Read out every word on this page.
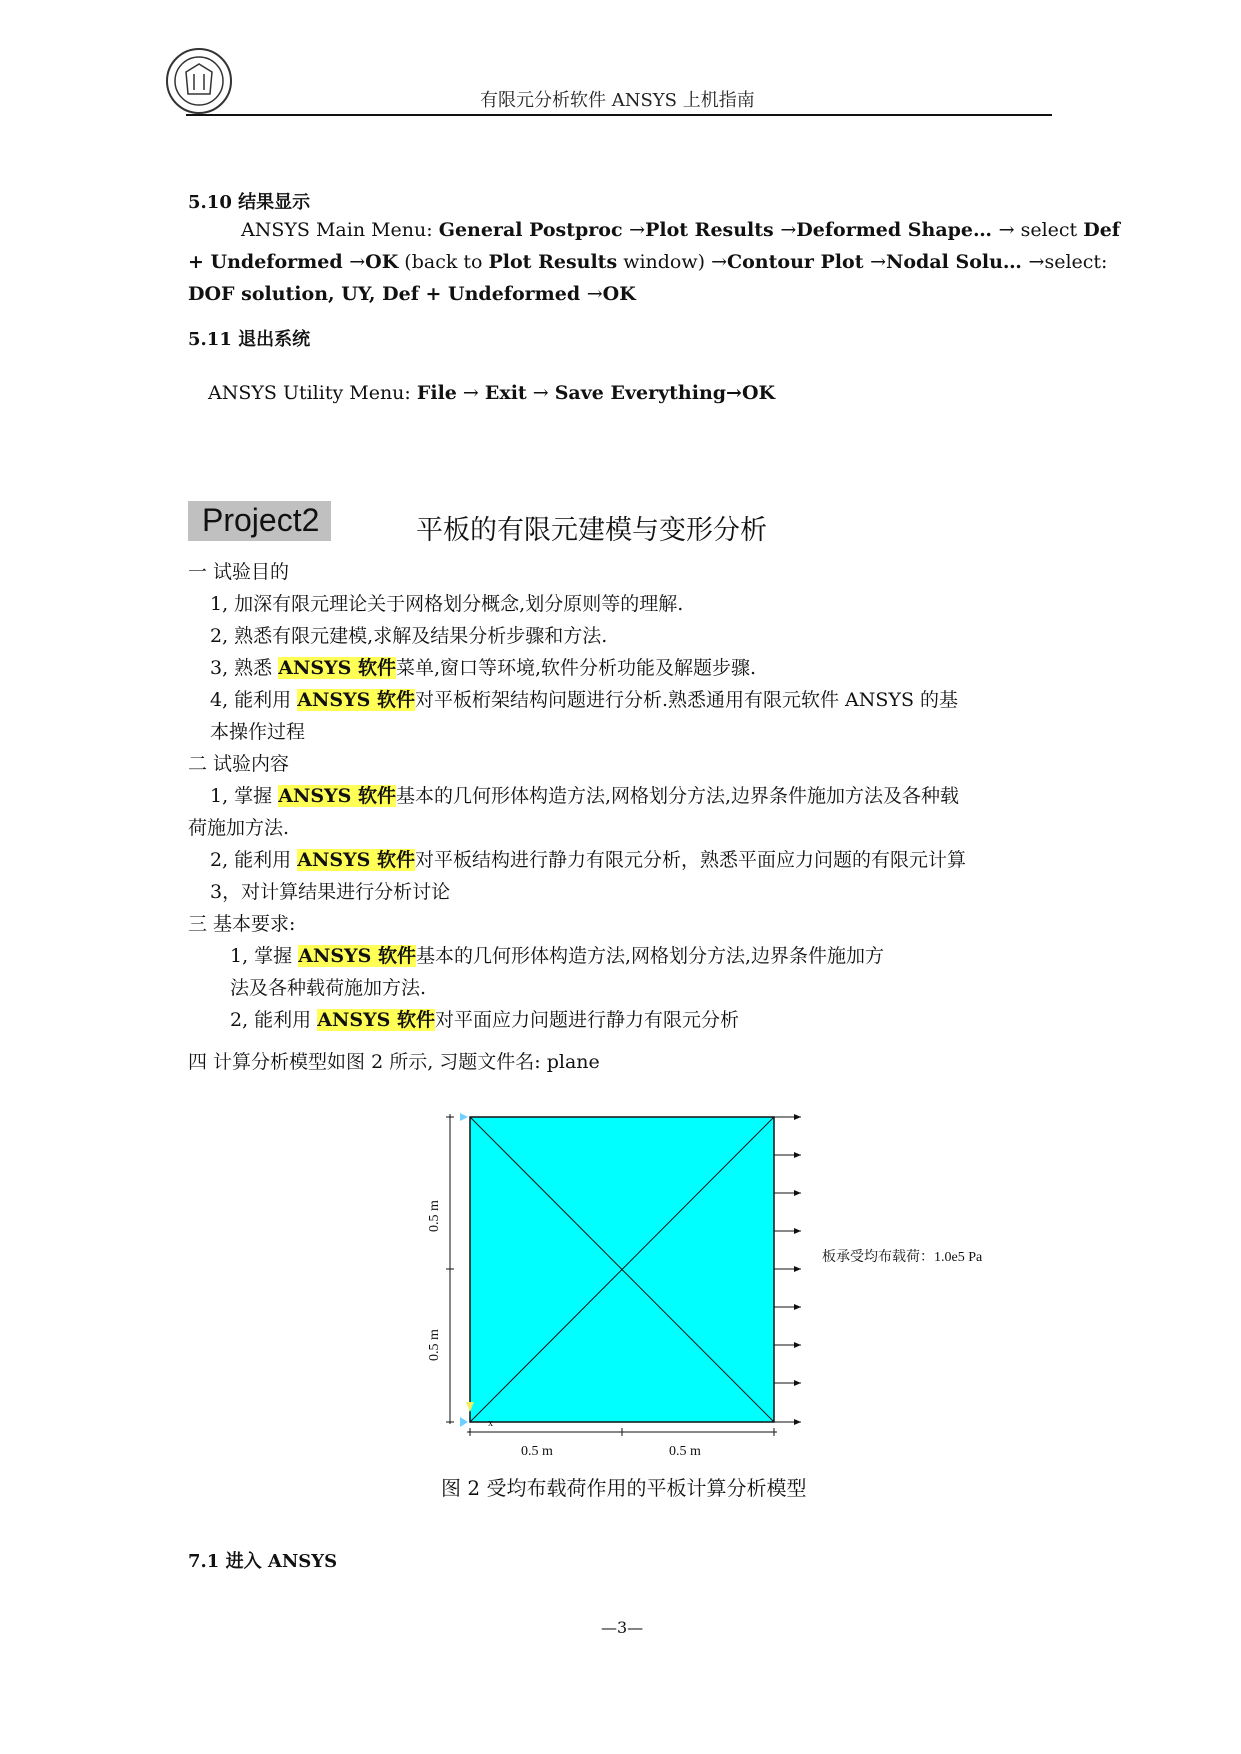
有限元分析软件 ANSYS 上机指南
5.10 结果显示
ANSYS Main Menu: General Postproc →Plot Results →Deformed Shape… → select Def
+ Undeformed →OK (back to Plot Results window) →Contour Plot →Nodal Solu… →select:
DOF solution, UY, Def + Undeformed →OK
5.11 退出系统
ANSYS Utility Menu: File → Exit → Save Everything→OK
Project2	平板的有限元建模与变形分析
一 试验目的
1, 加深有限元理论关于网格划分概念,划分原则等的理解.
2, 熟悉有限元建模,求解及结果分析步骤和方法.
3, 熟悉 ANSYS 软件菜单,窗口等环境,软件分析功能及解题步骤.
4, 能利用 ANSYS 软件对平板桁架结构问题进行分析.熟悉通用有限元软件 ANSYS 的基
本操作过程
二 试验内容
1, 掌握 ANSYS 软件基本的几何形体构造方法,网格划分方法,边界条件施加方法及各种载
荷施加方法.
2, 能利用 ANSYS 软件对平板结构进行静力有限元分析，熟悉平面应力问题的有限元计算
3，对计算结果进行分析讨论
三 基本要求:
1, 掌握 ANSYS 软件基本的几何形体构造方法,网格划分方法,边界条件施加方
法及各种载荷施加方法.
2, 能利用 ANSYS 软件对平面应力问题进行静力有限元分析
四 计算分析模型如图 2 所示, 习题文件名: plane
x
板承受均布载荷：1.0e5 Pa
0.5 m
0.5 m
0.5 m	0.5 m
图 2 受均布载荷作用的平板计算分析模型
7.1 进入 ANSYS
—3—
